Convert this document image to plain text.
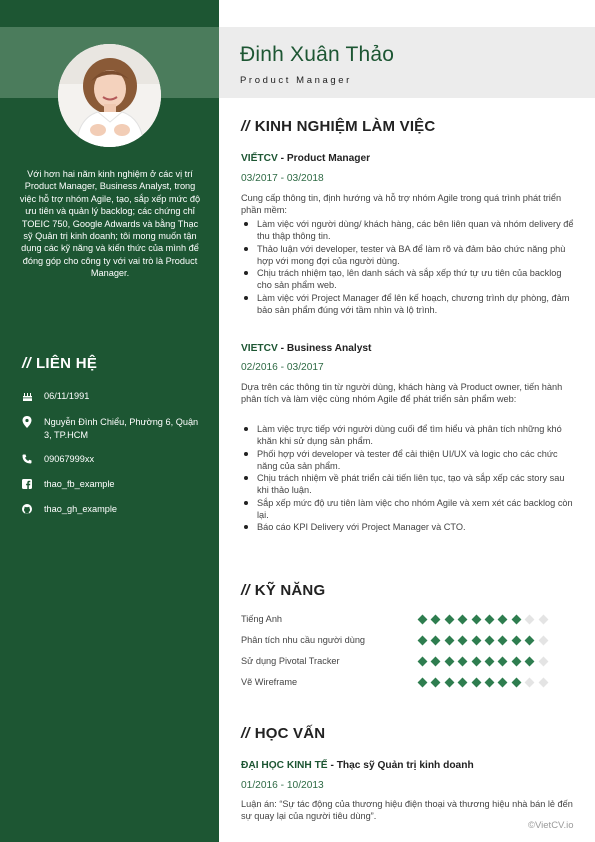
Với hơn hai năm kinh nghiệm ở các vị trí Product Manager, Business Analyst, trong việc hỗ trợ nhóm Agile, tạo, sắp xếp mức độ ưu tiên và quản lý backlog; các chứng chỉ TOEIC 750, Google Adwards và bằng Thạc sỹ Quản trị kinh doanh; tôi mong muốn tận dụng các kỹ năng và kiến thức của mình để đóng góp cho công ty với vai trò là Product Manager.
// LIÊN HỆ
06/11/1991
Nguyễn Đình Chiểu, Phường 6, Quận 3, TP.HCM
09067999xx
thao_fb_example
thao_gh_example
Đinh Xuân Thảo
Product Manager
// KINH NGHIỆM LÀM VIỆC
VIẾTCV - Product Manager
03/2017 - 03/2018
Cung cấp thông tin, định hướng và hỗ trợ nhóm Agile trong quá trình phát triển phần mềm:
Làm việc với người dùng/ khách hàng, các bên liên quan và nhóm delivery để thu thập thông tin.
Thảo luận với developer, tester và BA để làm rõ và đảm bảo chức năng phù hợp với mong đợi của người dùng.
Chịu trách nhiệm tạo, lên danh sách và sắp xếp thứ tự ưu tiên của backlog cho sản phẩm web.
Làm việc với Project Manager để lên kế hoạch, chương trình dự phòng, đảm bảo sản phẩm đúng với tầm nhìn và lộ trình.
VIETCV - Business Analyst
02/2016 - 03/2017
Dựa trên các thông tin từ người dùng, khách hàng và Product owner, tiến hành phân tích và làm việc cùng nhóm Agile để phát triển sản phẩm web:
Làm việc trực tiếp với người dùng cuối để tìm hiểu và phân tích những khó khăn khi sử dụng sản phẩm.
Phối hợp với developer và tester để cải thiện UI/UX và logic cho các chức năng của sản phẩm.
Chịu trách nhiệm về phát triển cải tiến liên tục, tạo và sắp xếp các story sau khi thảo luận.
Sắp xếp mức độ ưu tiên làm việc cho nhóm Agile và xem xét các backlog còn lại.
Báo cáo KPI Delivery với Project Manager và CTO.
// KỸ NĂNG
Tiếng Anh
Phân tích nhu cầu người dùng
Sử dụng Pivotal Tracker
Vẽ Wireframe
// HỌC VẤN
ĐẠI HỌC KINH TẾ - Thạc sỹ Quản trị kinh doanh
01/2016 - 10/2013
Luận án: “Sự tác động của thương hiệu điện thoại và thương hiệu nhà bán lẻ đến sự quay lại của người tiêu dùng”.
©VietCV.io
